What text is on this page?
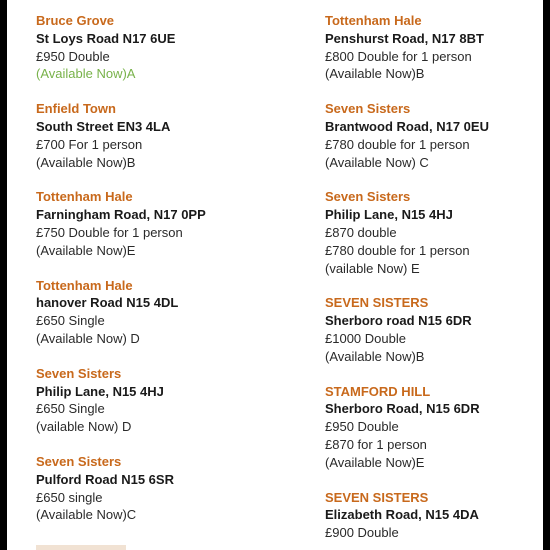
Bruce Grove
St Loys Road N17 6UE
£950 Double
(Available Now)A
Enfield Town
South Street EN3 4LA
£700 For 1 person
(Available Now)B
Tottenham Hale
Farningham Road, N17 0PP
£750 Double for 1 person
(Available Now)E
Tottenham Hale
hanover Road N15 4DL
£650 Single
(Available Now) D
Seven Sisters
Philip Lane, N15 4HJ
£650 Single
(vailable Now) D
Seven Sisters
Pulford Road N15 6SR
£650 single
(Available Now)C
Tottenham Hale
Penshurst Road, N17 8BT
£800 Double for 1 person
(Available Now)B
Seven Sisters
Brantwood Road, N17 0EU
£780 double for 1 person
(Available Now) C
Seven Sisters
Philip Lane, N15 4HJ
£870 double
£780 double for 1 person
(vailable Now) E
SEVEN SISTERS
Sherboro road N15 6DR
£1000 Double
(Available Now)B
STAMFORD HILL
Sherboro Road, N15 6DR
£950 Double
£870 for 1 person
(Available Now)E
SEVEN SISTERS
Elizabeth Road, N15 4DA
£900 Double
